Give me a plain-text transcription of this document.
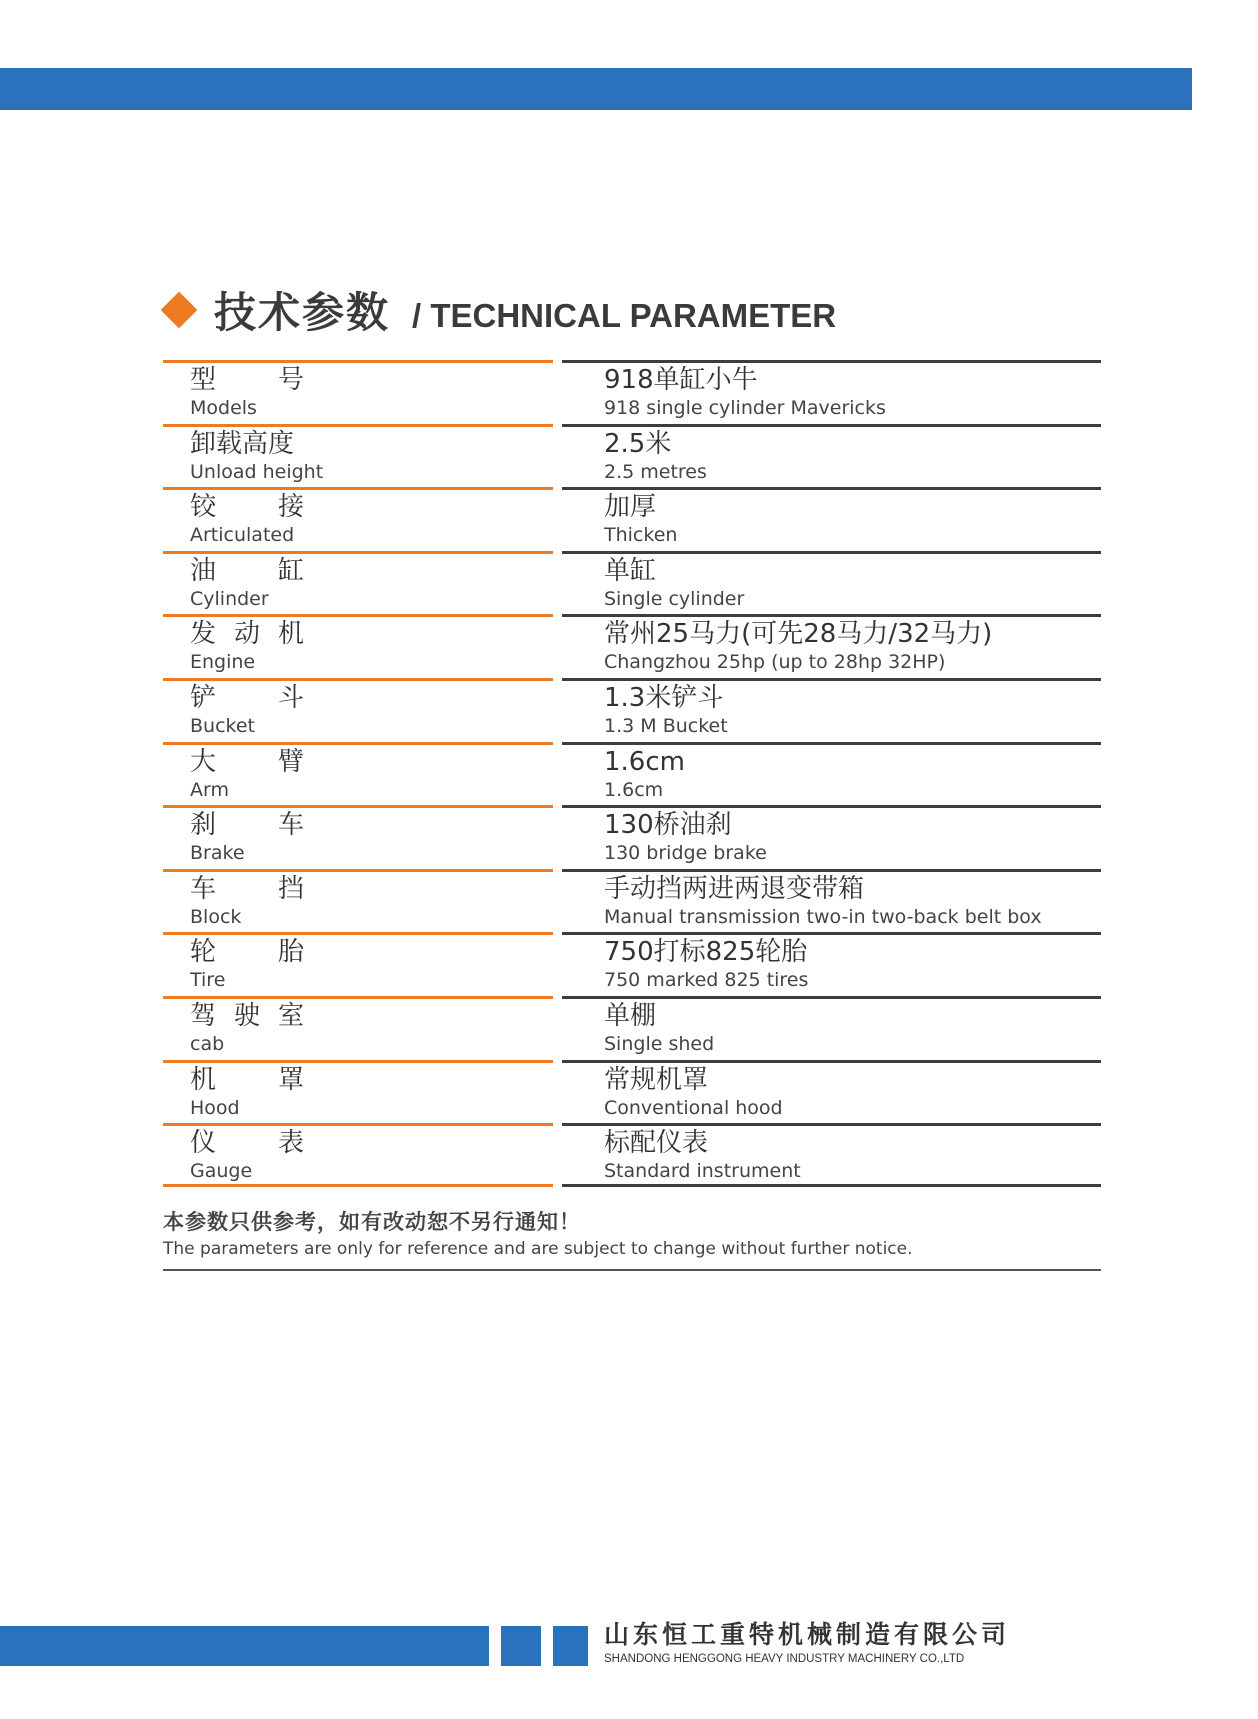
技术参数 / TECHNICAL PARAMETER
型 号
Models
918单缸小牛
918 single cylinder Mavericks
卸载高度
Unload height
2.5米
2.5 metres
铰 接
Articulated
加厚
Thicken
油 缸
Cylinder
单缸
Single cylinder
发 动 机
Engine
常州25马力(可先28马力/32马力)
Changzhou 25hp (up to 28hp 32HP)
铲 斗
Bucket
1.3米铲斗
1.3 M Bucket
大 臂
Arm
1.6cm
1.6cm
刹 车
Brake
130桥油刹
130 bridge brake
车 挡
Block
手动挡两进两退变带箱
Manual transmission two-in two-back belt box
轮 胎
Tire
750打标825轮胎
750 marked 825 tires
驾 驶 室
cab
单棚
Single shed
机 罩
Hood
常规机罩
Conventional hood
仪 表
Gauge
标配仪表
Standard instrument
本参数只供参考，如有改动恕不另行通知！
The parameters are only for reference and are subject to change without further notice.
山东恒工重特机械制造有限公司
SHANDONG HENGGONG HEAVY INDUSTRY MACHINERY CO.,LTD
